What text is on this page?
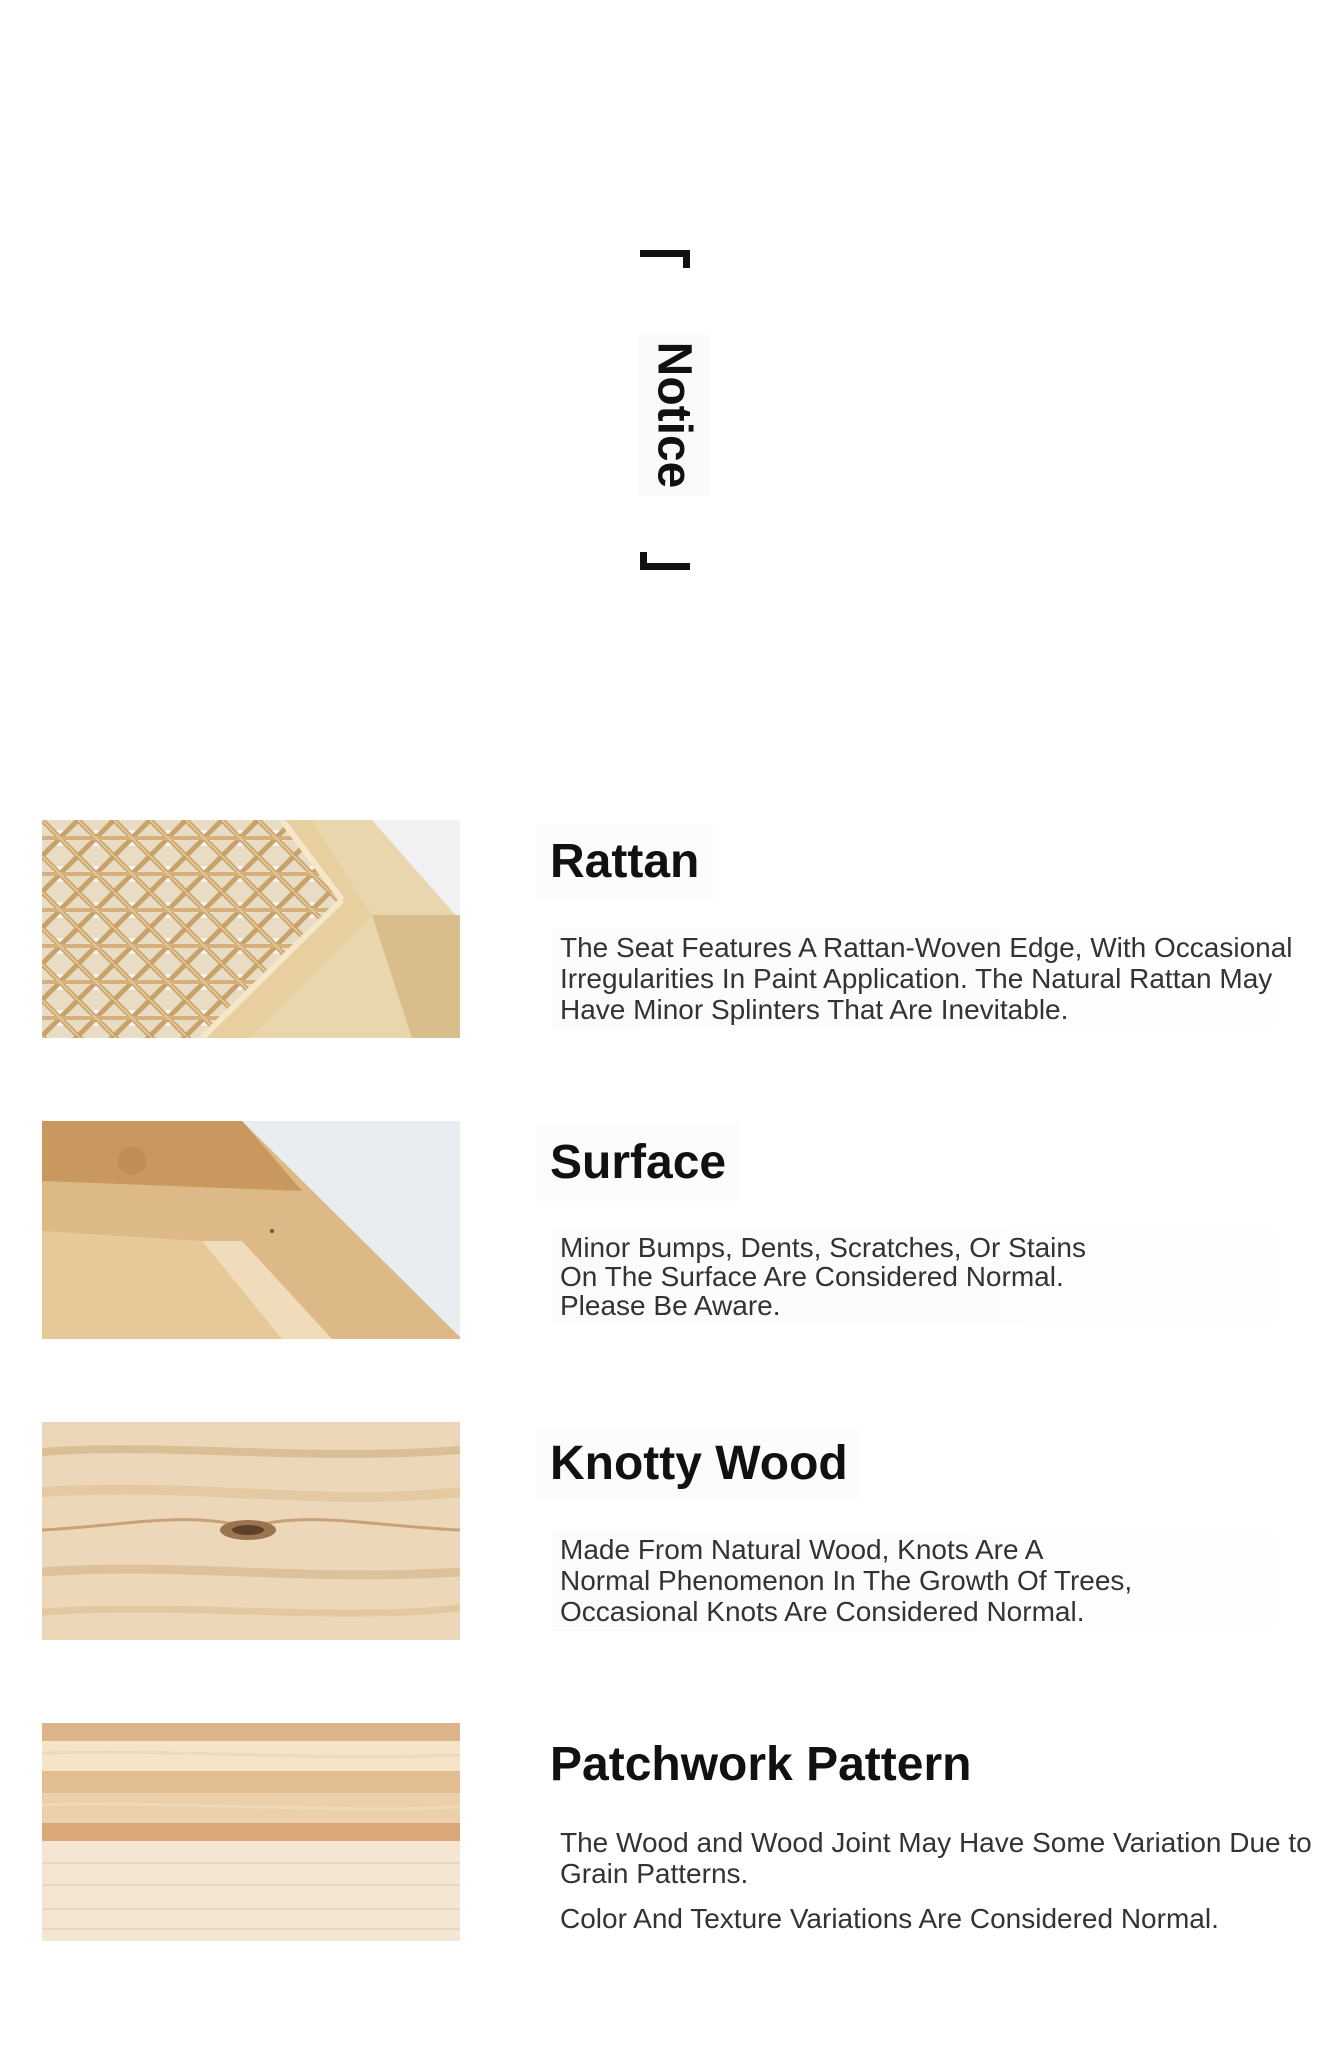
Notice
Rattan

The Seat Features A Rattan-Woven Edge, With Occasional

Irregularities In Paint Application. The Natural Rattan May

Have Minor Splinters That Are Inevitable.

Surface

Minor Bumps, Dents, Scratches, Or Stains

On The Surface Are Considered Normal.

Please Be Aware.

Knotty Wood

Made From Natural Wood, Knots Are A

Normal Phenomenon In The Growth Of Trees,

Occasional Knots Are Considered Normal.

Patchwork Pattern

The Wood and Wood Joint May Have Some Variation Due to

Grain Patterns.

Color And Texture Variations Are Considered Normal.
